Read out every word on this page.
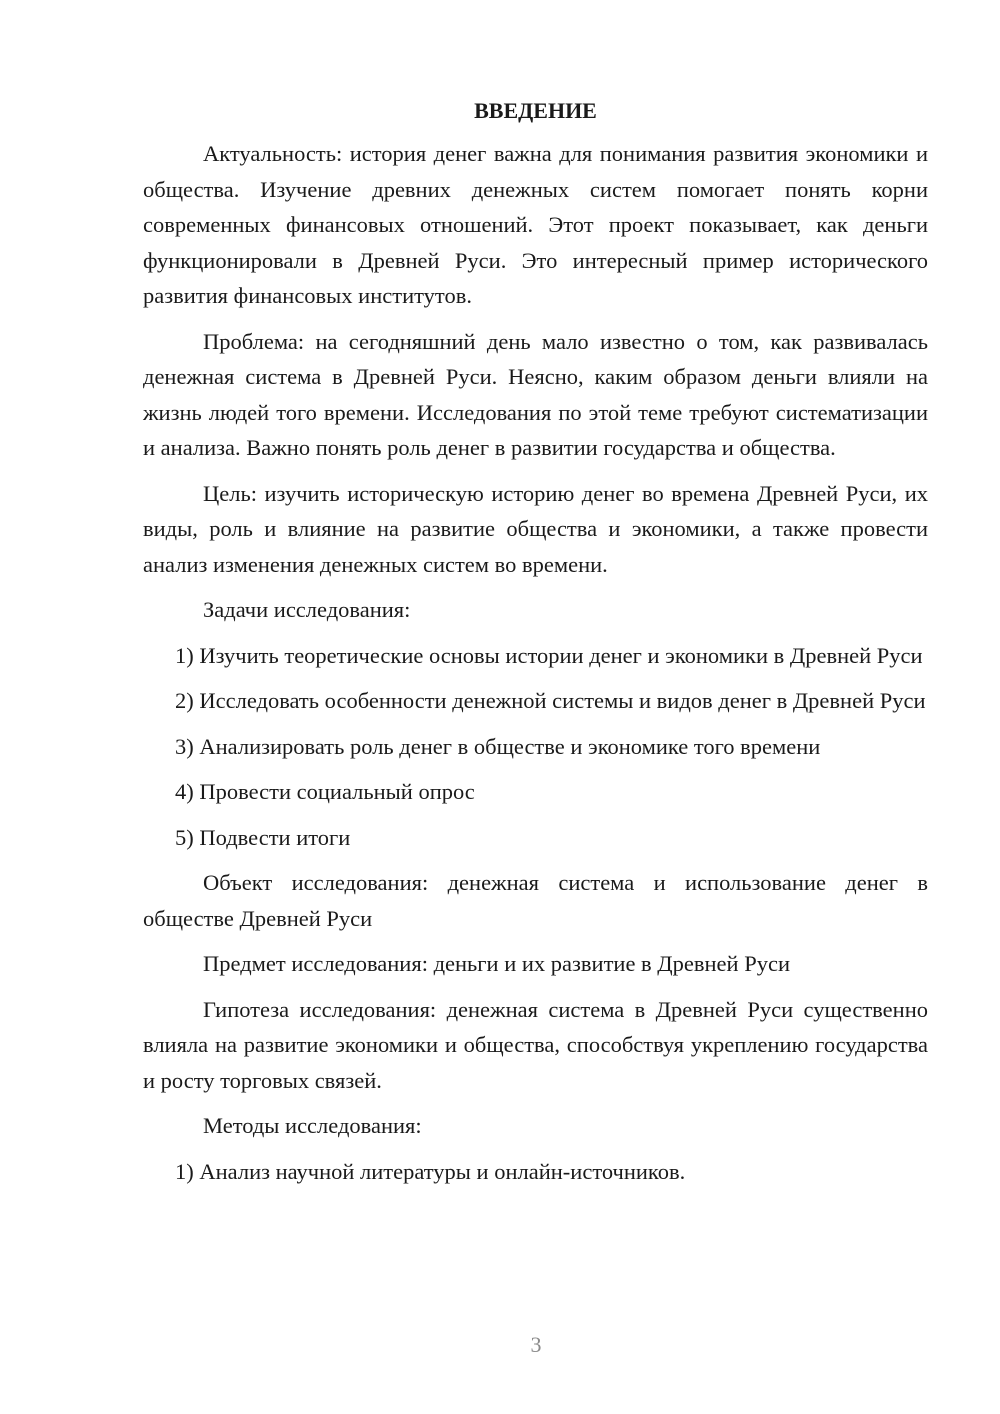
ВВЕДЕНИЕ

Актуальность: история денег важна для понимания развития экономики и общества. Изучение древних денежных систем помогает понять корни современных финансовых отношений. Этот проект показывает, как деньги функционировали в Древней Руси. Это интересный пример исторического развития финансовых институтов.

Проблема: на сегодняшний день мало известно о том, как развивалась денежная система в Древней Руси. Неясно, каким образом деньги влияли на жизнь людей того времени. Исследования по этой теме требуют систематизации и анализа. Важно понять роль денег в развитии государства и общества.

Цель: изучить историческую историю денег во времена Древней Руси, их виды, роль и влияние на развитие общества и экономики, а также провести анализ изменения денежных систем во времени.

Задачи исследования:

1) Изучить теоретические основы истории денег и экономики в Древней Руси

2) Исследовать особенности денежной системы и видов денег в Древней Руси

3) Анализировать роль денег в обществе и экономике того времени

4) Провести социальный опрос

5) Подвести итоги

Объект исследования: денежная система и использование денег в обществе Древней Руси

Предмет исследования: деньги и их развитие в Древней Руси

Гипотеза исследования: денежная система в Древней Руси существенно влияла на развитие экономики и общества, способствуя укреплению государства и росту торговых связей.

Методы исследования:

1) Анализ научной литературы и онлайн-источников.

3
